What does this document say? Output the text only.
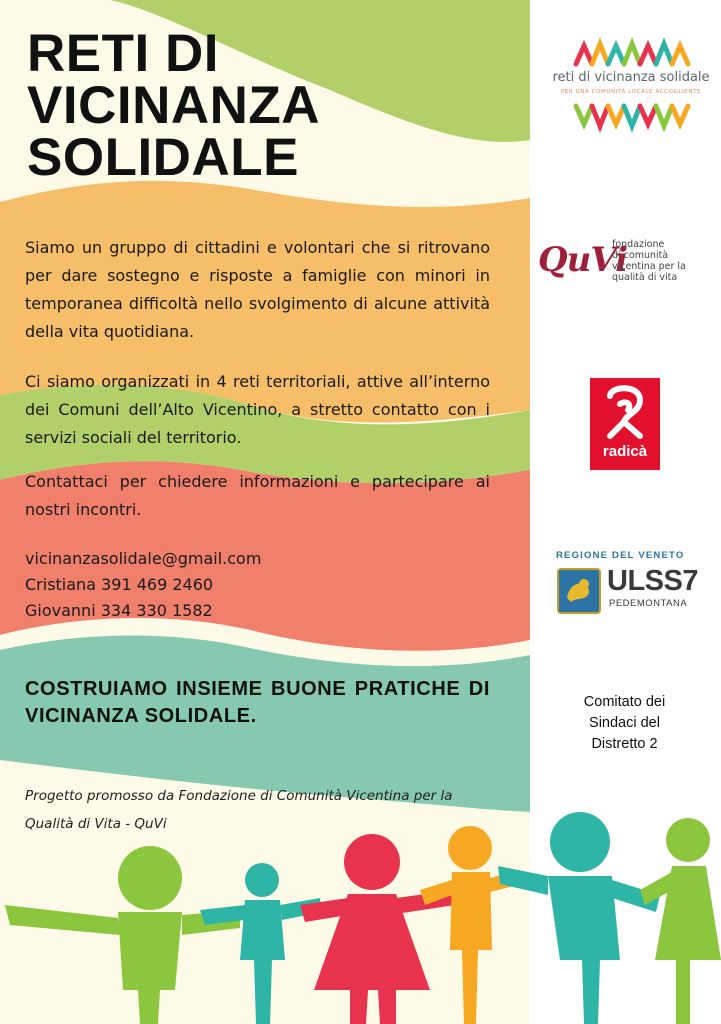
RETI DI
VICINANZA
SOLIDALE

Siamo un gruppo di cittadini e volontari che si ritrovano per dare sostegno e risposte a famiglie con minori in temporanea difficoltà nello svolgimento di alcune attività della vita quotidiana.

Ci siamo organizzati in 4 reti territoriali, attive all’interno dei Comuni dell’Alto Vicentino, a stretto contatto con i servizi sociali del territorio.

Contattaci per chiedere informazioni e partecipare ai nostri incontri.

vicinanzasolidale@gmail.com
Cristiana 391 469 2460
Giovanni 334 330 1582

COSTRUIAMO INSIEME BUONE PRATICHE DI VICINANZA SOLIDALE.

Progetto promosso da Fondazione di Comunità Vicentina per la Qualità di Vita - QuVi

reti di vicinanza solidale
PER UNA COMUNITÀ LOCALE ACCOGLIENTE
QuVi
fondazione
di comunità
vicentina per la
qualità di vita
radicà
REGIONE DEL VENETO
ULSS7
PEDEMONTANA
Comitato dei
Sindaci del
Distretto 2
